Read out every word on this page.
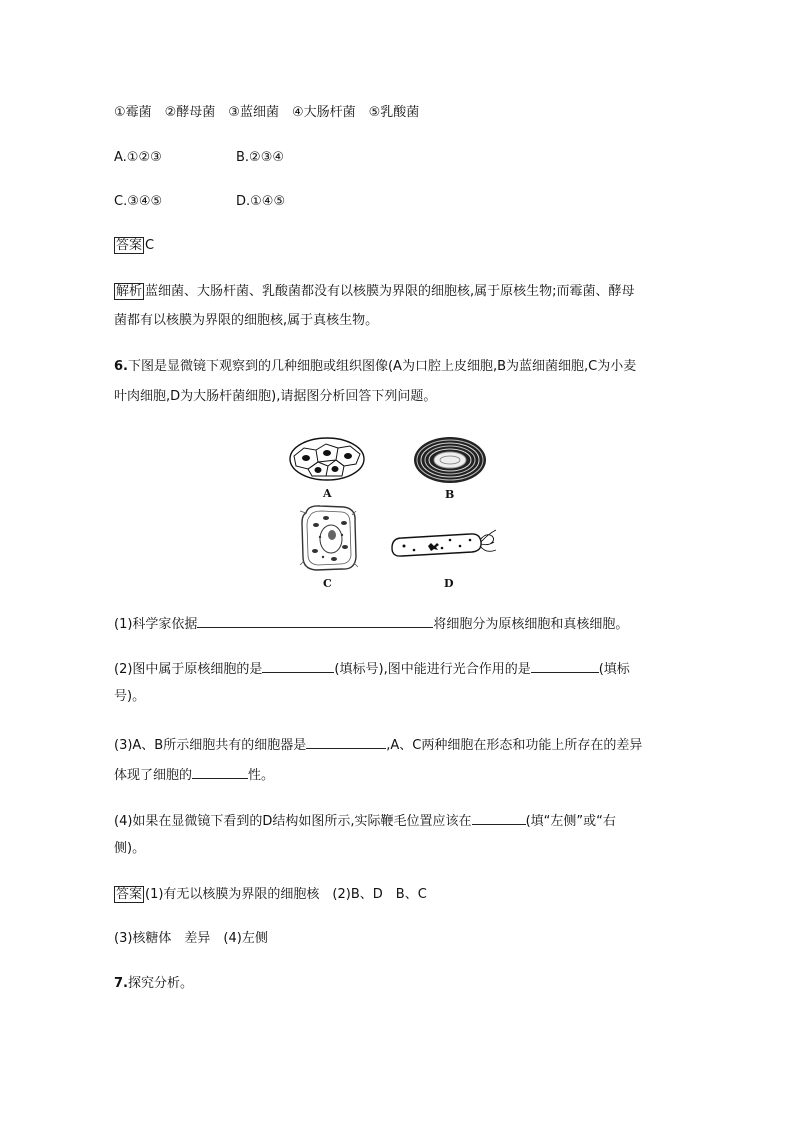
①霉菌　②酵母菌　③蓝细菌　④大肠杆菌　⑤乳酸菌
A.①②③	B.②③④
C.③④⑤	D.①④⑤
答案 C
解析 蓝细菌、大肠杆菌、乳酸菌都没有以核膜为界限的细胞核,属于原核生物;而霉菌、酵母
菌都有以核膜为界限的细胞核,属于真核生物。
6.下图是显微镜下观察到的几种细胞或组织图像(A为口腔上皮细胞,B为蓝细菌细胞,C为小麦
叶肉细胞,D为大肠杆菌细胞),请据图分析回答下列问题。
A	B
C	D
(1)科学家依据	将细胞分为原核细胞和真核细胞。
(2)图中属于原核细胞的是	(填标号),图中能进行光合作用的是	(填标
号)。
(3)A、B所示细胞共有的细胞器是	,A、C两种细胞在形态和功能上所存在的差异
体现了细胞的	性。
(4)如果在显微镜下看到的D结构如图所示,实际鞭毛位置应该在	(填“左侧”或“右
侧)。
答案 (1)有无以核膜为界限的细胞核　(2)B、D　B、C
(3)核糖体　差异　(4)左侧
7.探究分析。
